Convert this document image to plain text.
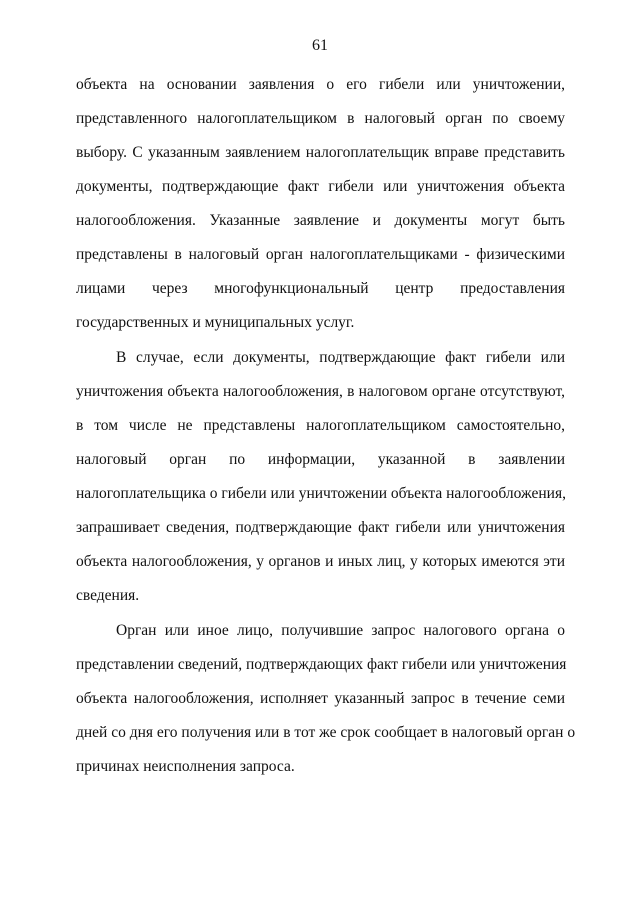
61
объекта на основании заявления о его гибели или уничтожении,
представленного налогоплательщиком в налоговый орган по своему
выбору. С указанным заявлением налогоплательщик вправе представить
документы, подтверждающие факт гибели или уничтожения объекта
налогообложения. Указанные заявление и документы могут быть
представлены в налоговый орган налогоплательщиками - физическими
лицами через многофункциональный центр предоставления
государственных и муниципальных услуг.
В случае, если документы, подтверждающие факт гибели или
уничтожения объекта налогообложения, в налоговом органе отсутствуют,
в том числе не представлены налогоплательщиком самостоятельно,
налоговый орган по информации, указанной в заявлении
налогоплательщика о гибели или уничтожении объекта налогообложения,
запрашивает сведения, подтверждающие факт гибели или уничтожения
объекта налогообложения, у органов и иных лиц, у которых имеются эти
сведения.
Орган или иное лицо, получившие запрос налогового органа о
представлении сведений, подтверждающих факт гибели или уничтожения
объекта налогообложения, исполняет указанный запрос в течение семи
дней со дня его получения или в тот же срок сообщает в налоговый орган о
причинах неисполнения запроса.
